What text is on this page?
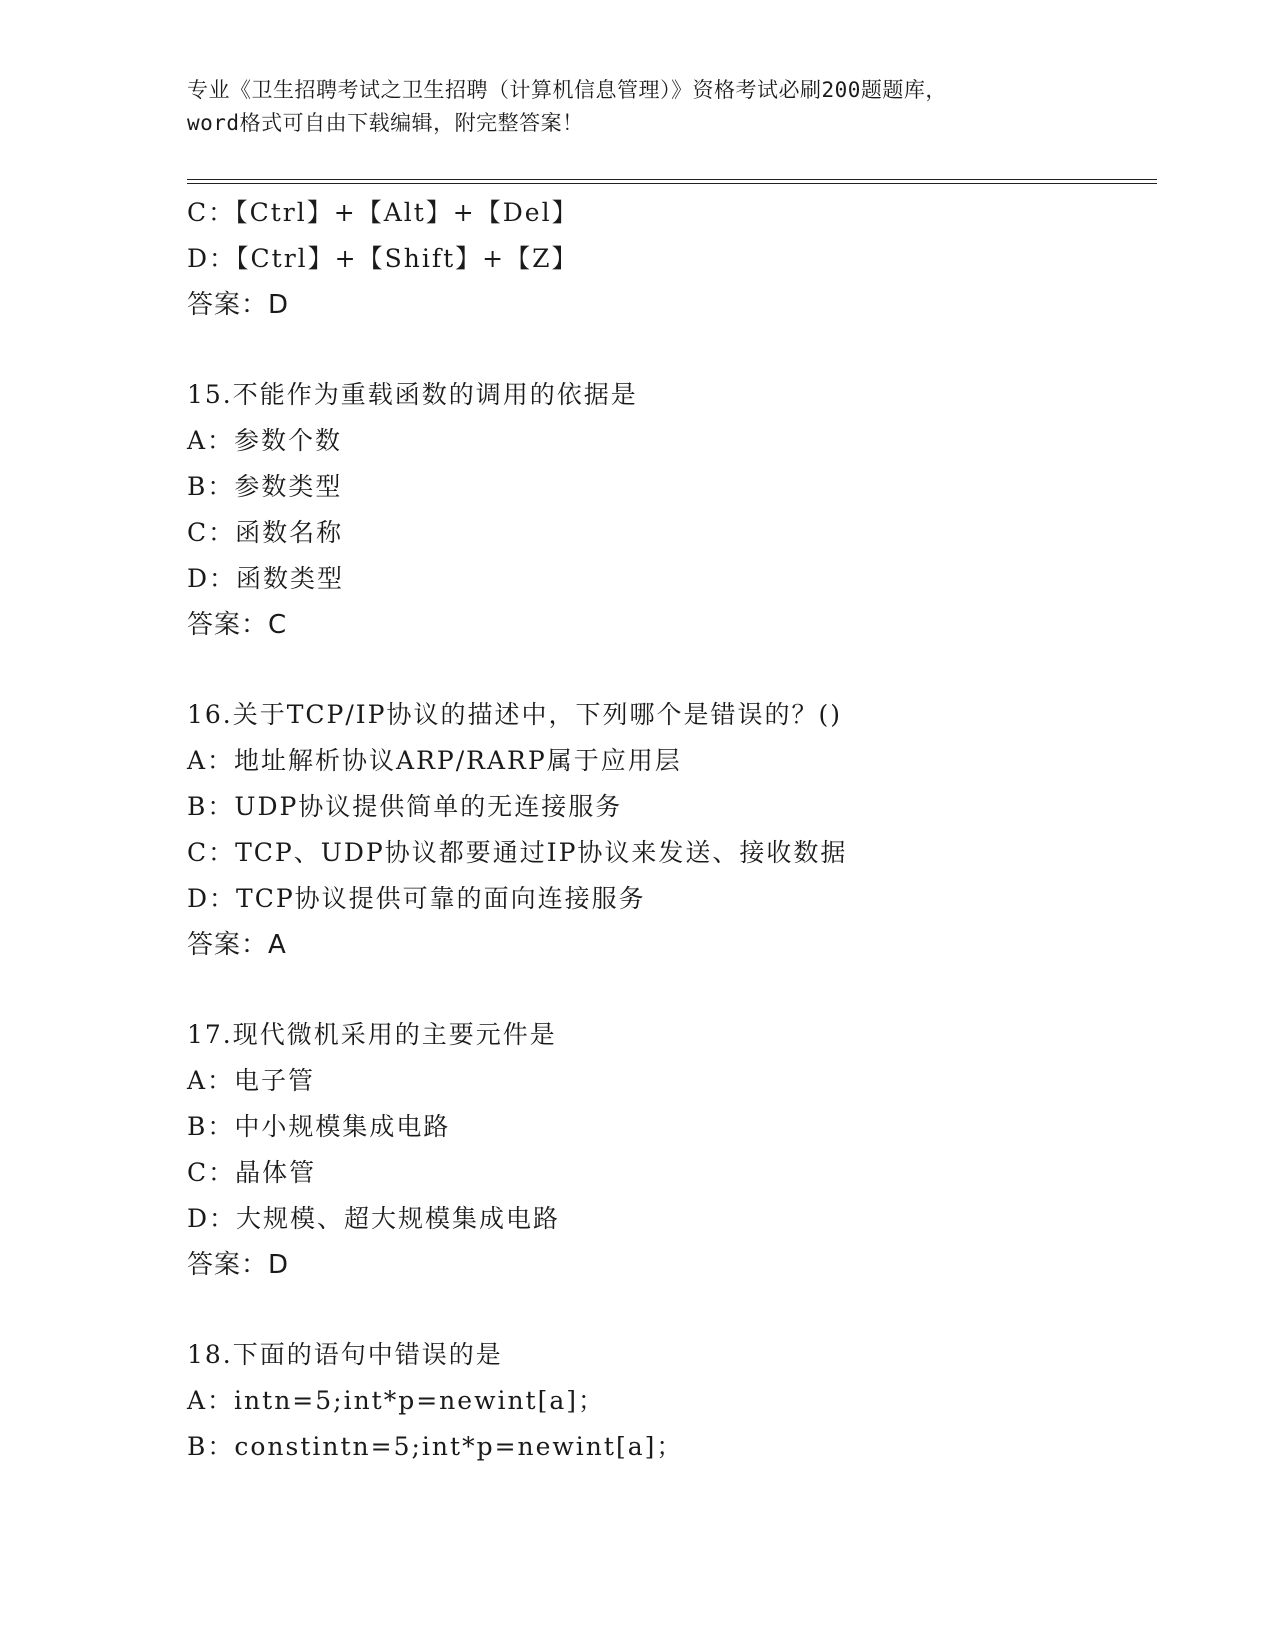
专业《卫生招聘考试之卫生招聘（计算机信息管理）》资格考试必刷200题题库，
word格式可自由下载编辑，附完整答案！
C：【Ctrl】+【Alt】+【Del】
D：【Ctrl】+【Shift】+【Z】
答案：D
15.不能作为重载函数的调用的依据是
A：参数个数
B：参数类型
C：函数名称
D：函数类型
答案：C
16.关于TCP/IP协议的描述中，下列哪个是错误的？()
A：地址解析协议ARP/RARP属于应用层
B：UDP协议提供简单的无连接服务
C：TCP、UDP协议都要通过IP协议来发送、接收数据
D：TCP协议提供可靠的面向连接服务
答案：A
17.现代微机采用的主要元件是
A：电子管
B：中小规模集成电路
C：晶体管
D：大规模、超大规模集成电路
答案：D
18.下面的语句中错误的是
A：intn=5;int*p=newint[a]；
B：constintn=5;int*p=newint[a]；
